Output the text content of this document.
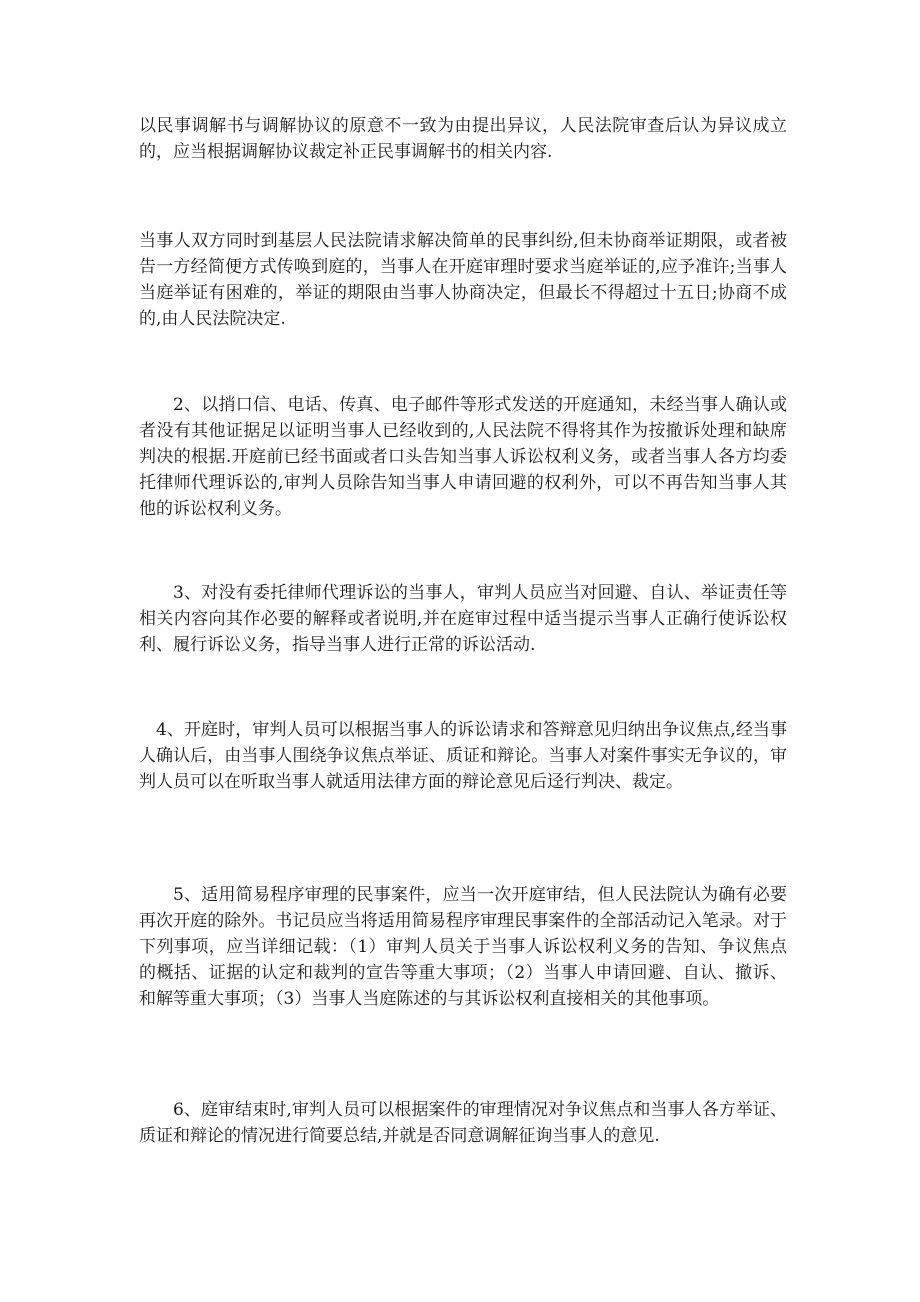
以民事调解书与调解协议的原意不一致为由提出异议，人民法院审查后认为异议成立的，应当根据调解协议裁定补正民事调解书的相关内容.

当事人双方同时到基层人民法院请求解决简单的民事纠纷,但未协商举证期限，或者被告一方经简便方式传唤到庭的，当事人在开庭审理时要求当庭举证的,应予准许;当事人当庭举证有困难的，举证的期限由当事人协商决定，但最长不得超过十五日;协商不成的,由人民法院决定.

2、以捎口信、电话、传真、电子邮件等形式发送的开庭通知，未经当事人确认或者没有其他证据足以证明当事人已经收到的,人民法院不得将其作为按撤诉处理和缺席判决的根据.开庭前已经书面或者口头告知当事人诉讼权利义务，或者当事人各方均委托律师代理诉讼的,审判人员除告知当事人申请回避的权利外，可以不再告知当事人其他的诉讼权利义务。

3、对没有委托律师代理诉讼的当事人，审判人员应当对回避、自认、举证责任等相关内容向其作必要的解释或者说明,并在庭审过程中适当提示当事人正确行使诉讼权利、履行诉讼义务，指导当事人进行正常的诉讼活动.

4、开庭时，审判人员可以根据当事人的诉讼请求和答辩意见归纳出争议焦点,经当事人确认后，由当事人围绕争议焦点举证、质证和辩论。当事人对案件事实无争议的，审判人员可以在听取当事人就适用法律方面的辩论意见后迳行判决、裁定。

5、适用简易程序审理的民事案件，应当一次开庭审结，但人民法院认为确有必要再次开庭的除外。书记员应当将适用简易程序审理民事案件的全部活动记入笔录。对于下列事项，应当详细记载：（1）审判人员关于当事人诉讼权利义务的告知、争议焦点的概括、证据的认定和裁判的宣告等重大事项；（2）当事人申请回避、自认、撤诉、和解等重大事项；（3）当事人当庭陈述的与其诉讼权利直接相关的其他事项。

6、庭审结束时,审判人员可以根据案件的审理情况对争议焦点和当事人各方举证、质证和辩论的情况进行简要总结,并就是否同意调解征询当事人的意见.
